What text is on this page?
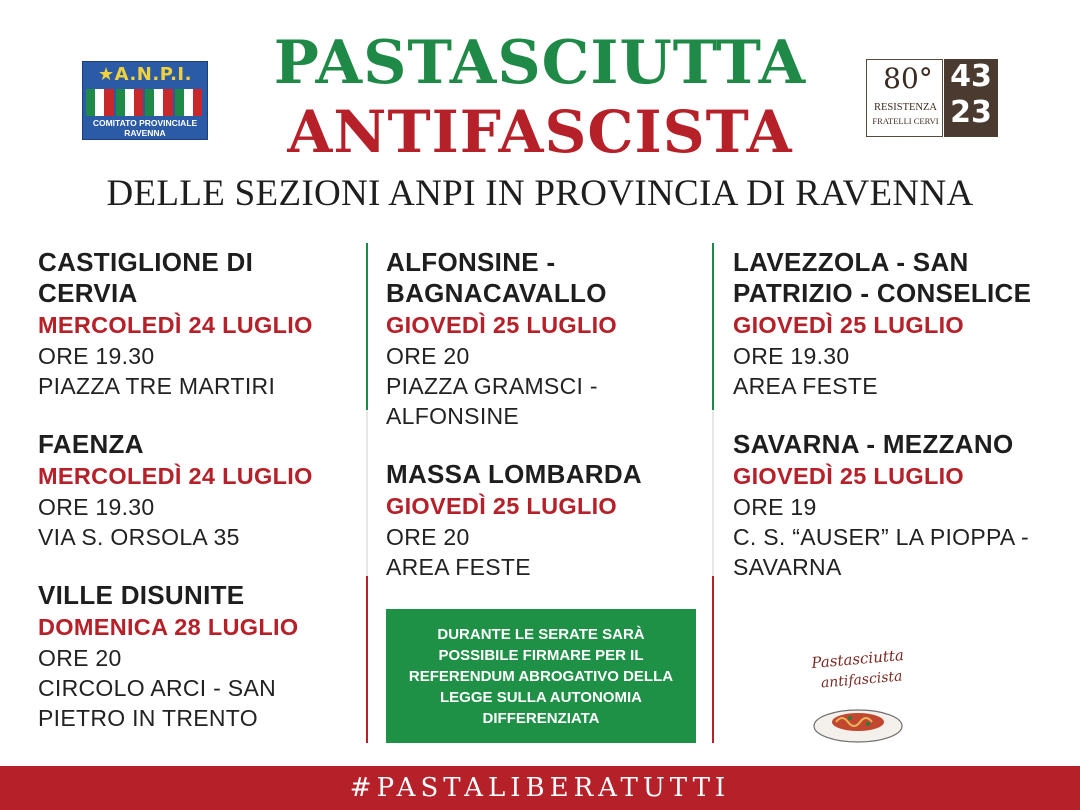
★A.N.P.I.
COMITATO PROVINCIALE
RAVENNA
80°
RESISTENZA
FRATELLI CERVI
43
23
PASTASCIUTTA
ANTIFASCISTA
DELLE SEZIONI ANPI IN PROVINCIA DI RAVENNA
CASTIGLIONE DI CERVIA
MERCOLEDÌ 24 LUGLIO
ORE 19.30
PIAZZA TRE MARTIRI
FAENZA
MERCOLEDÌ 24 LUGLIO
ORE 19.30
VIA S. ORSOLA 35
VILLE DISUNITE
DOMENICA 28 LUGLIO
ORE 20
CIRCOLO ARCI - SAN PIETRO IN TRENTO
ALFONSINE - BAGNACAVALLO
GIOVEDÌ 25 LUGLIO
ORE 20
PIAZZA GRAMSCI - ALFONSINE
MASSA LOMBARDA
GIOVEDÌ 25 LUGLIO
ORE 20
AREA FESTE
LAVEZZOLA - SAN PATRIZIO - CONSELICE
GIOVEDÌ 25 LUGLIO
ORE 19.30
AREA FESTE
SAVARNA - MEZZANO
GIOVEDÌ 25 LUGLIO
ORE 19
C. S. “AUSER” LA PIOPPA - SAVARNA
DURANTE LE SERATE SARÀ POSSIBILE FIRMARE PER IL REFERENDUM ABROGATIVO DELLA LEGGE SULLA AUTONOMIA DIFFERENZIATA
Pastasciutta
antifascista
#PASTALIBERATUTTI
